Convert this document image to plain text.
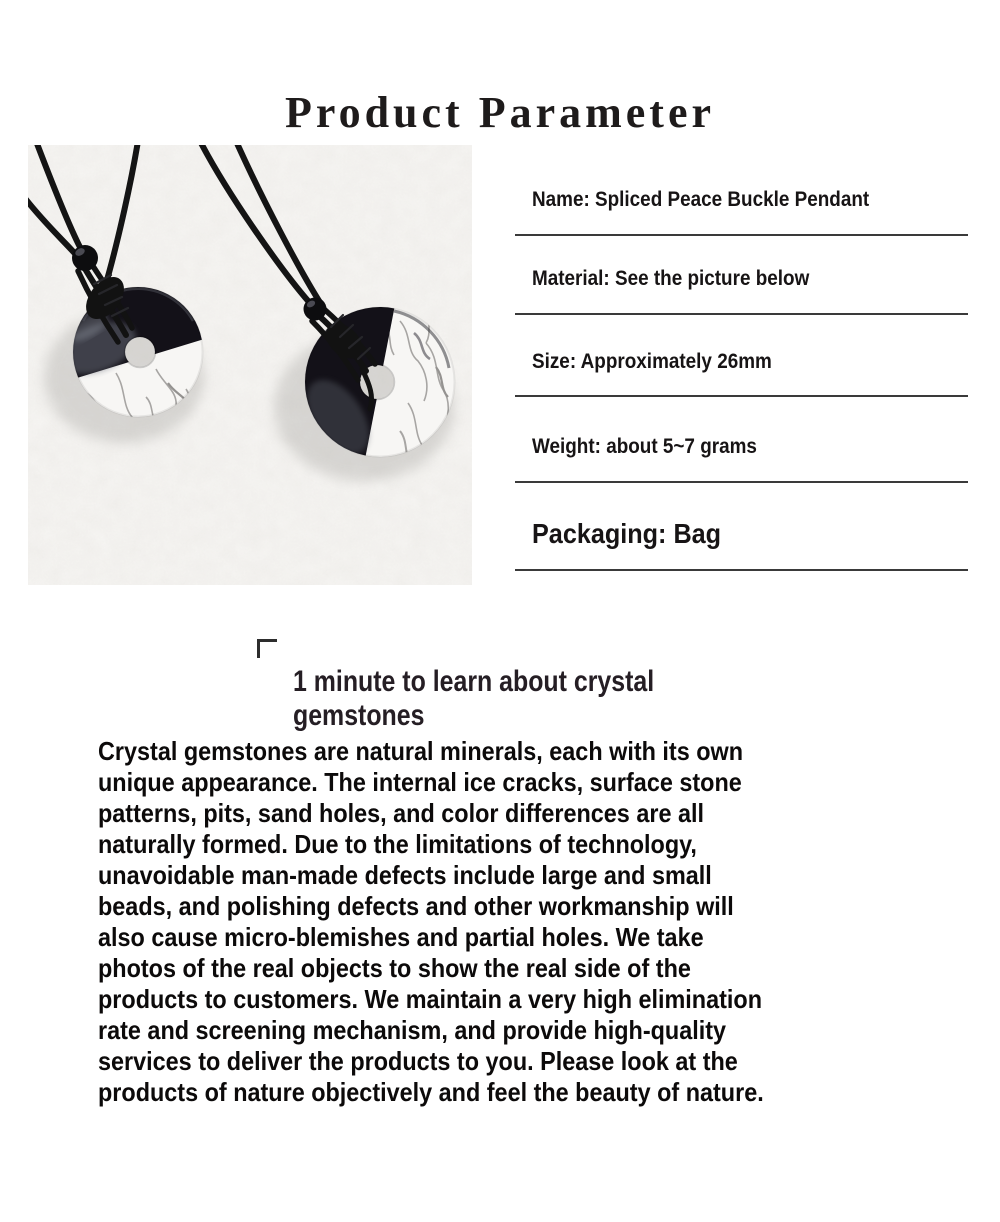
Product Parameter
Name: Spliced Peace Buckle Pendant
Material: See the picture below
Size: Approximately 26mm
Weight: about 5~7 grams
Packaging: Bag
1 minute to learn about crystal gemstones
Crystal gemstones are natural minerals, each with its own
unique appearance. The internal ice cracks, surface stone
patterns, pits, sand holes, and color differences are all
naturally formed. Due to the limitations of technology,
unavoidable man-made defects include large and small
beads, and polishing defects and other workmanship will
also cause micro-blemishes and partial holes. We take
photos of the real objects to show the real side of the
products to customers. We maintain a very high elimination
rate and screening mechanism, and provide high-quality
services to deliver the products to you. Please look at the
products of nature objectively and feel the beauty of nature.
